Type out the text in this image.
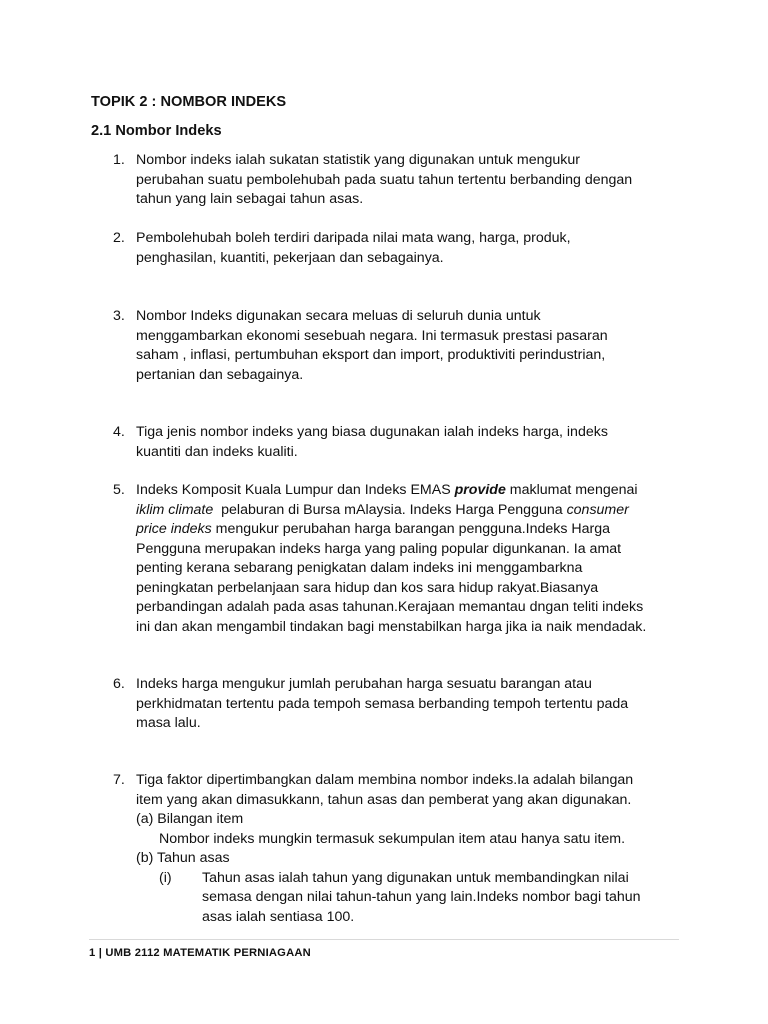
TOPIK 2 : NOMBOR INDEKS
2.1 Nombor Indeks
1. Nombor indeks ialah sukatan statistik yang digunakan untuk mengukur
perubahan suatu pembolehubah pada suatu tahun tertentu berbanding dengan
tahun yang lain sebagai tahun asas.
2. Pembolehubah boleh terdiri daripada nilai mata wang, harga, produk,
penghasilan, kuantiti, pekerjaan dan sebagainya.
3. Nombor Indeks digunakan secara meluas di seluruh dunia untuk
menggambarkan ekonomi sesebuah negara. Ini termasuk prestasi pasaran
saham , inflasi, pertumbuhan eksport dan import, produktiviti perindustrian,
pertanian dan sebagainya.
4. Tiga jenis nombor indeks yang biasa dugunakan ialah indeks harga, indeks
kuantiti dan indeks kualiti.
5. Indeks Komposit Kuala Lumpur dan Indeks EMAS provide maklumat mengenai
iklim climate  pelaburan di Bursa mAlaysia. Indeks Harga Pengguna consumer
price indeks mengukur perubahan harga barangan pengguna.Indeks Harga
Pengguna merupakan indeks harga yang paling popular digunkanan. Ia amat
penting kerana sebarang penigkatan dalam indeks ini menggambarkna
peningkatan perbelanjaan sara hidup dan kos sara hidup rakyat.Biasanya
perbandingan adalah pada asas tahunan.Kerajaan memantau dngan teliti indeks
ini dan akan mengambil tindakan bagi menstabilkan harga jika ia naik mendadak.
6. Indeks harga mengukur jumlah perubahan harga sesuatu barangan atau
perkhidmatan tertentu pada tempoh semasa berbanding tempoh tertentu pada
masa lalu.
7. Tiga faktor dipertimbangkan dalam membina nombor indeks.Ia adalah bilangan
item yang akan dimasukkann, tahun asas dan pemberat yang akan digunakan.
(a) Bilangan item
Nombor indeks mungkin termasuk sekumpulan item atau hanya satu item.
(b) Tahun asas
(i) Tahun asas ialah tahun yang digunakan untuk membandingkan nilai
semasa dengan nilai tahun-tahun yang lain.Indeks nombor bagi tahun
asas ialah sentiasa 100.
1 | UMB 2112 MATEMATIK PERNIAGAAN
